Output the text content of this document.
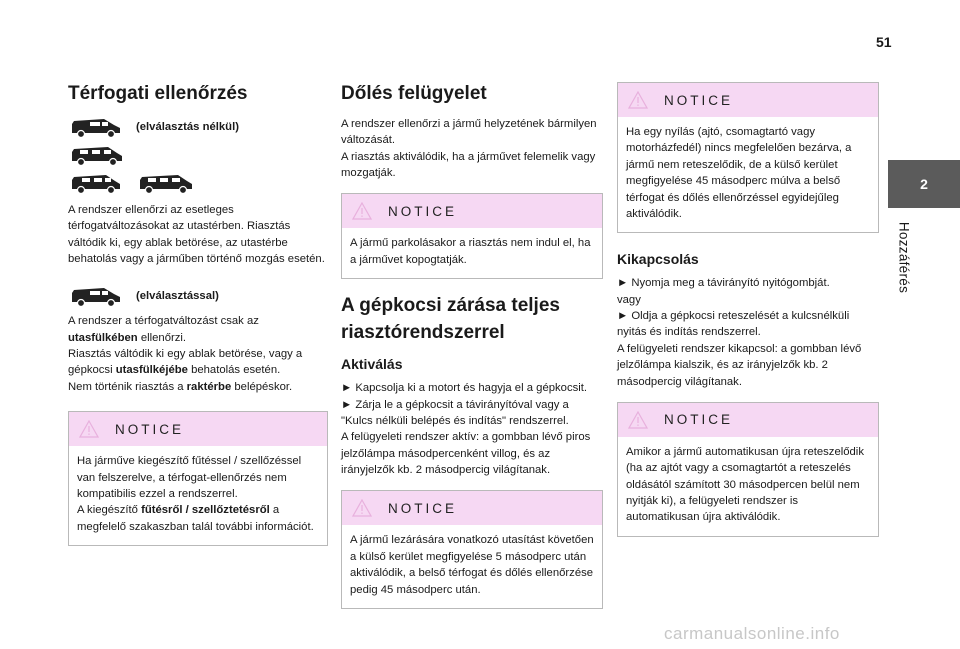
51
2
Hozzáférés
Térfogati ellenőrzés
(elválasztás nélkül)

A rendszer ellenőrzi az esetleges térfogatváltozásokat az utastérben. Riasztás váltódik ki, egy ablak betörése, az utastérbe behatolás vagy a járműben történő mozgás esetén.

(elválasztással)

A rendszer a térfogatváltozást csak az utasfülkében ellenőrzi.
Riasztás váltódik ki egy ablak betörése, vagy a gépkocsi utasfülkéjébe behatolás esetén.
Nem történik riasztás a raktérbe belépéskor.

NOTICE
Ha járműve kiegészítő fűtéssel / szellőzéssel van felszerelve, a térfogat-ellenőrzés nem kompatibilis ezzel a rendszerrel.
A kiegészítő fűtésről / szellőztetésről a megfelelő szakaszban talál további információt.
Dőlés felügyelet

A rendszer ellenőrzi a jármű helyzetének bármilyen változását.

A riasztás aktiválódik, ha a járművet felemelik vagy mozgatják.

NOTICE
A jármű parkolásakor a riasztás nem indul el, ha a járművet kopogtatják.
A gépkocsi zárása teljes riasztórendszerrel
Aktiválás

► Kapcsolja ki a motort és hagyja el a gépkocsit.

► Zárja le a gépkocsit a távirányítóval vagy a "Kulcs nélküli belépés és indítás" rendszerrel.

A felügyeleti rendszer aktív: a gombban lévő piros jelzőlámpa másodpercenként villog, és az irányjelzők kb. 2 másodpercig világítanak.

NOTICE
A jármű lezárására vonatkozó utasítást követően a külső kerület megfigyelése 5 másodperc után aktiválódik, a belső térfogat és dőlés ellenőrzése pedig 45 másodperc után.
NOTICE
Ha egy nyílás (ajtó, csomagtartó vagy motorházfedél) nincs megfelelően bezárva, a jármű nem reteszelődik, de a külső kerület megfigyelése 45 másodperc múlva a belső térfogat és dőlés ellenőrzéssel egyidejűleg aktiválódik.
Kikapcsolás

► Nyomja meg a távirányító nyitógombját.

vagy

► Oldja a gépkocsi reteszelését a kulcsnélküli nyitás és indítás rendszerrel.

A felügyeleti rendszer kikapcsol: a gombban lévő jelzőlámpa kialszik, és az irányjelzők kb. 2 másodpercig világítanak.

NOTICE
Amikor a jármű automatikusan újra reteszelődik (ha az ajtót vagy a csomagtartót a reteszelés oldásától számított 30 másodpercen belül nem nyitják ki), a felügyeleti rendszer is automatikusan újra aktiválódik.
carmanualsonline.info
